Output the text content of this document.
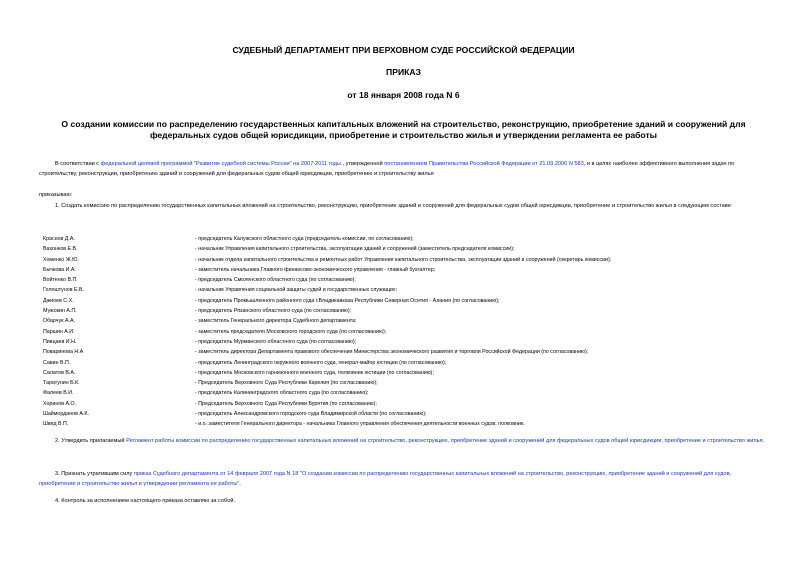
СУДЕБНЫЙ ДЕПАРТАМЕНТ ПРИ ВЕРХОВНОМ СУДЕ РОССИЙСКОЙ ФЕДЕРАЦИИ
ПРИКАЗ
от 18 января 2008 года N 6
О создании комиссии по распределению государственных капитальных вложений на строительство, реконструкцию, приобретение зданий и сооружений для федеральных судов общей юрисдикции, приобретение и строительство жилья и утверждении регламента ее работы
В соответствии с федеральной целевой программой "Развитие судебной системы России" на 2007-2011 годы , утвержденной постановлением Правительства Российской Федерации от 21.09.2006 N 583, и в целях наиболее эффективного выполнения задач по строительству, реконструкции, приобретению зданий и сооружений для федеральных судов общей юрисдикции, приобретению и строительству жилья
приказываю:
1. Создать комиссию по распределению государственных капитальных вложений на строительство, реконструкцию, приобретение зданий и сооружений для федеральных судов общей юрисдикции, приобретение и строительство жилья в следующем составе:
Краснов Д.А.	- председатель Калужского областного суда (председатель комиссии, по согласованию);
Вахонков Е.В.	- начальник Управления капитального строительства, эксплуатации зданий и сооружений (заместитель председателя комиссии);
Хоменко Ж.Ю.	- начальник отдела капитального строительства и ремонтных работ Управления капитального строительства, эксплуатации зданий и сооружений (секретарь комиссии);
Бычкова И.А.	- заместитель начальника Главного финансово-экономического управления - главный бухгалтер;
Войтенко В.П.	- председатель Смоленского областного суда (по согласованию);
Голоштунов Е.В.	- начальник Управления социальной защиты судей и государственных служащих;
Джиоев С.Х.	- председатель Промышленного районного суда г.Владикавказа Республики Северная Осетия - Алания (по согласованию);
Мужокин А.П.	- председатель Рязанского областного суда (по согласованию);
Обарчук А.А.	- заместитель Генерального директора Судебного департамента;
Паршин А.И.	- заместитель председателя Московского городского суда (по согласованию);
Пивцаев И.Н.	- председатель Мурманского областного суда (по согласованию);
Поваринова Н.А	- заместитель директора Департамента правового обеспечения Министерства экономического развития и торговли Российской Федерации (по согласованию);
Савин В.П.	- председатель Ленинградского окружного военного суда, генерал-майор юстиции (по согласованию);
Салатов В.А.	- председатель Московского гарнизонного военного суда, полковник юстиции (по согласованию);
Таратунин Б.К.	- Председатель Верховного Суда Республики Карелия (по согласованию);
Фалеев В.И.	- председатель Калининградского областного суда (по согласованию);
Хоринов А.О.	- Председатель Верховного Суда Республики Бурятия (по согласованию);
Шайморданов А.К.	- председатель Александровского городского суда Владимирской области (по согласованию);
Швед В.П.	- и.о. заместителя Генерального директора - начальника Главного управления обеспечения деятельности военных судов, полковник.
2. Утвердить прилагаемый Регламент работы комиссии по распределению государственных капитальных вложений на строительство, реконструкцию, приобретение зданий и сооружений для федеральных судов общей юрисдикции, приобретение и строительство жилья.
3. Признать утратившим силу приказ Судебного департамента от 14 февраля 2007 года N 18 "О создании комиссии по распределению государственных капитальных вложений на строительство, реконструкцию, приобретение зданий и сооружений для судов, приобретение и строительство жилья и утверждении регламента ее работы".
4. Контроль за исполнением настоящего приказа оставляю за собой.
